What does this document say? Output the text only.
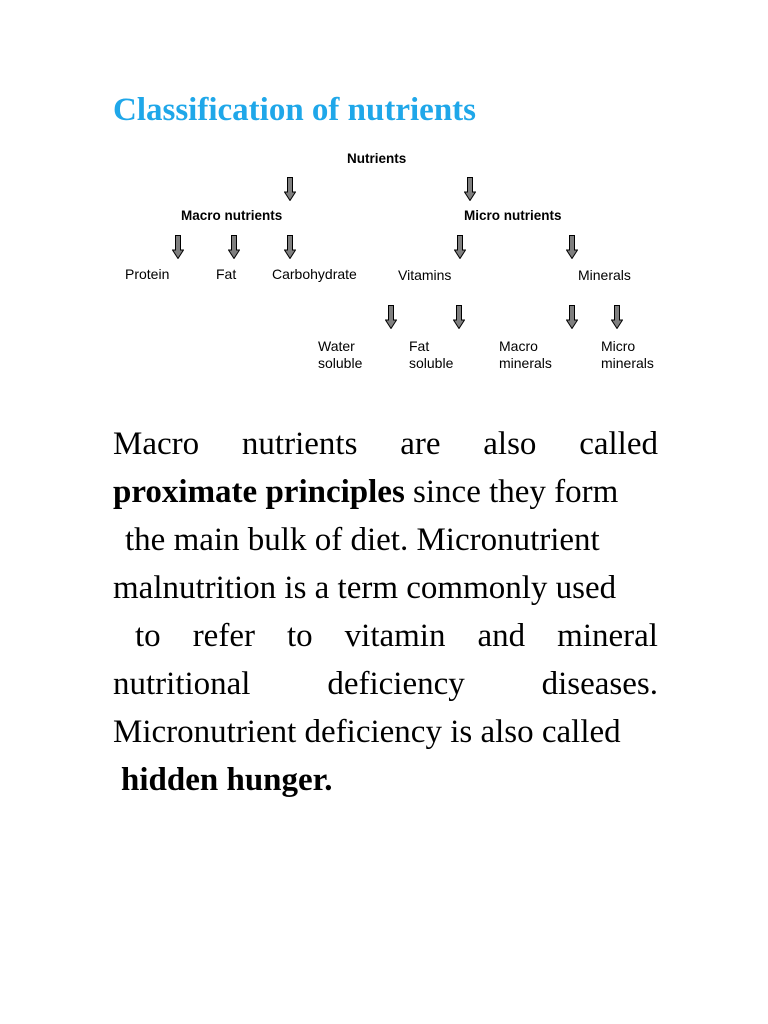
Classification of nutrients
Nutrients
Macro nutrients	Micro nutrients
Protein	Fat	Carbohydrate	Vitamins	Minerals
Water
soluble
Fat
soluble
Macro
minerals
Micro
minerals
Macro nutrients are also called
proximate principles since they form
the main bulk of diet. Micronutrient
malnutrition is a term commonly used
to refer to vitamin and mineral
nutritional deficiency diseases.
Micronutrient deficiency is also called
hidden hunger.
